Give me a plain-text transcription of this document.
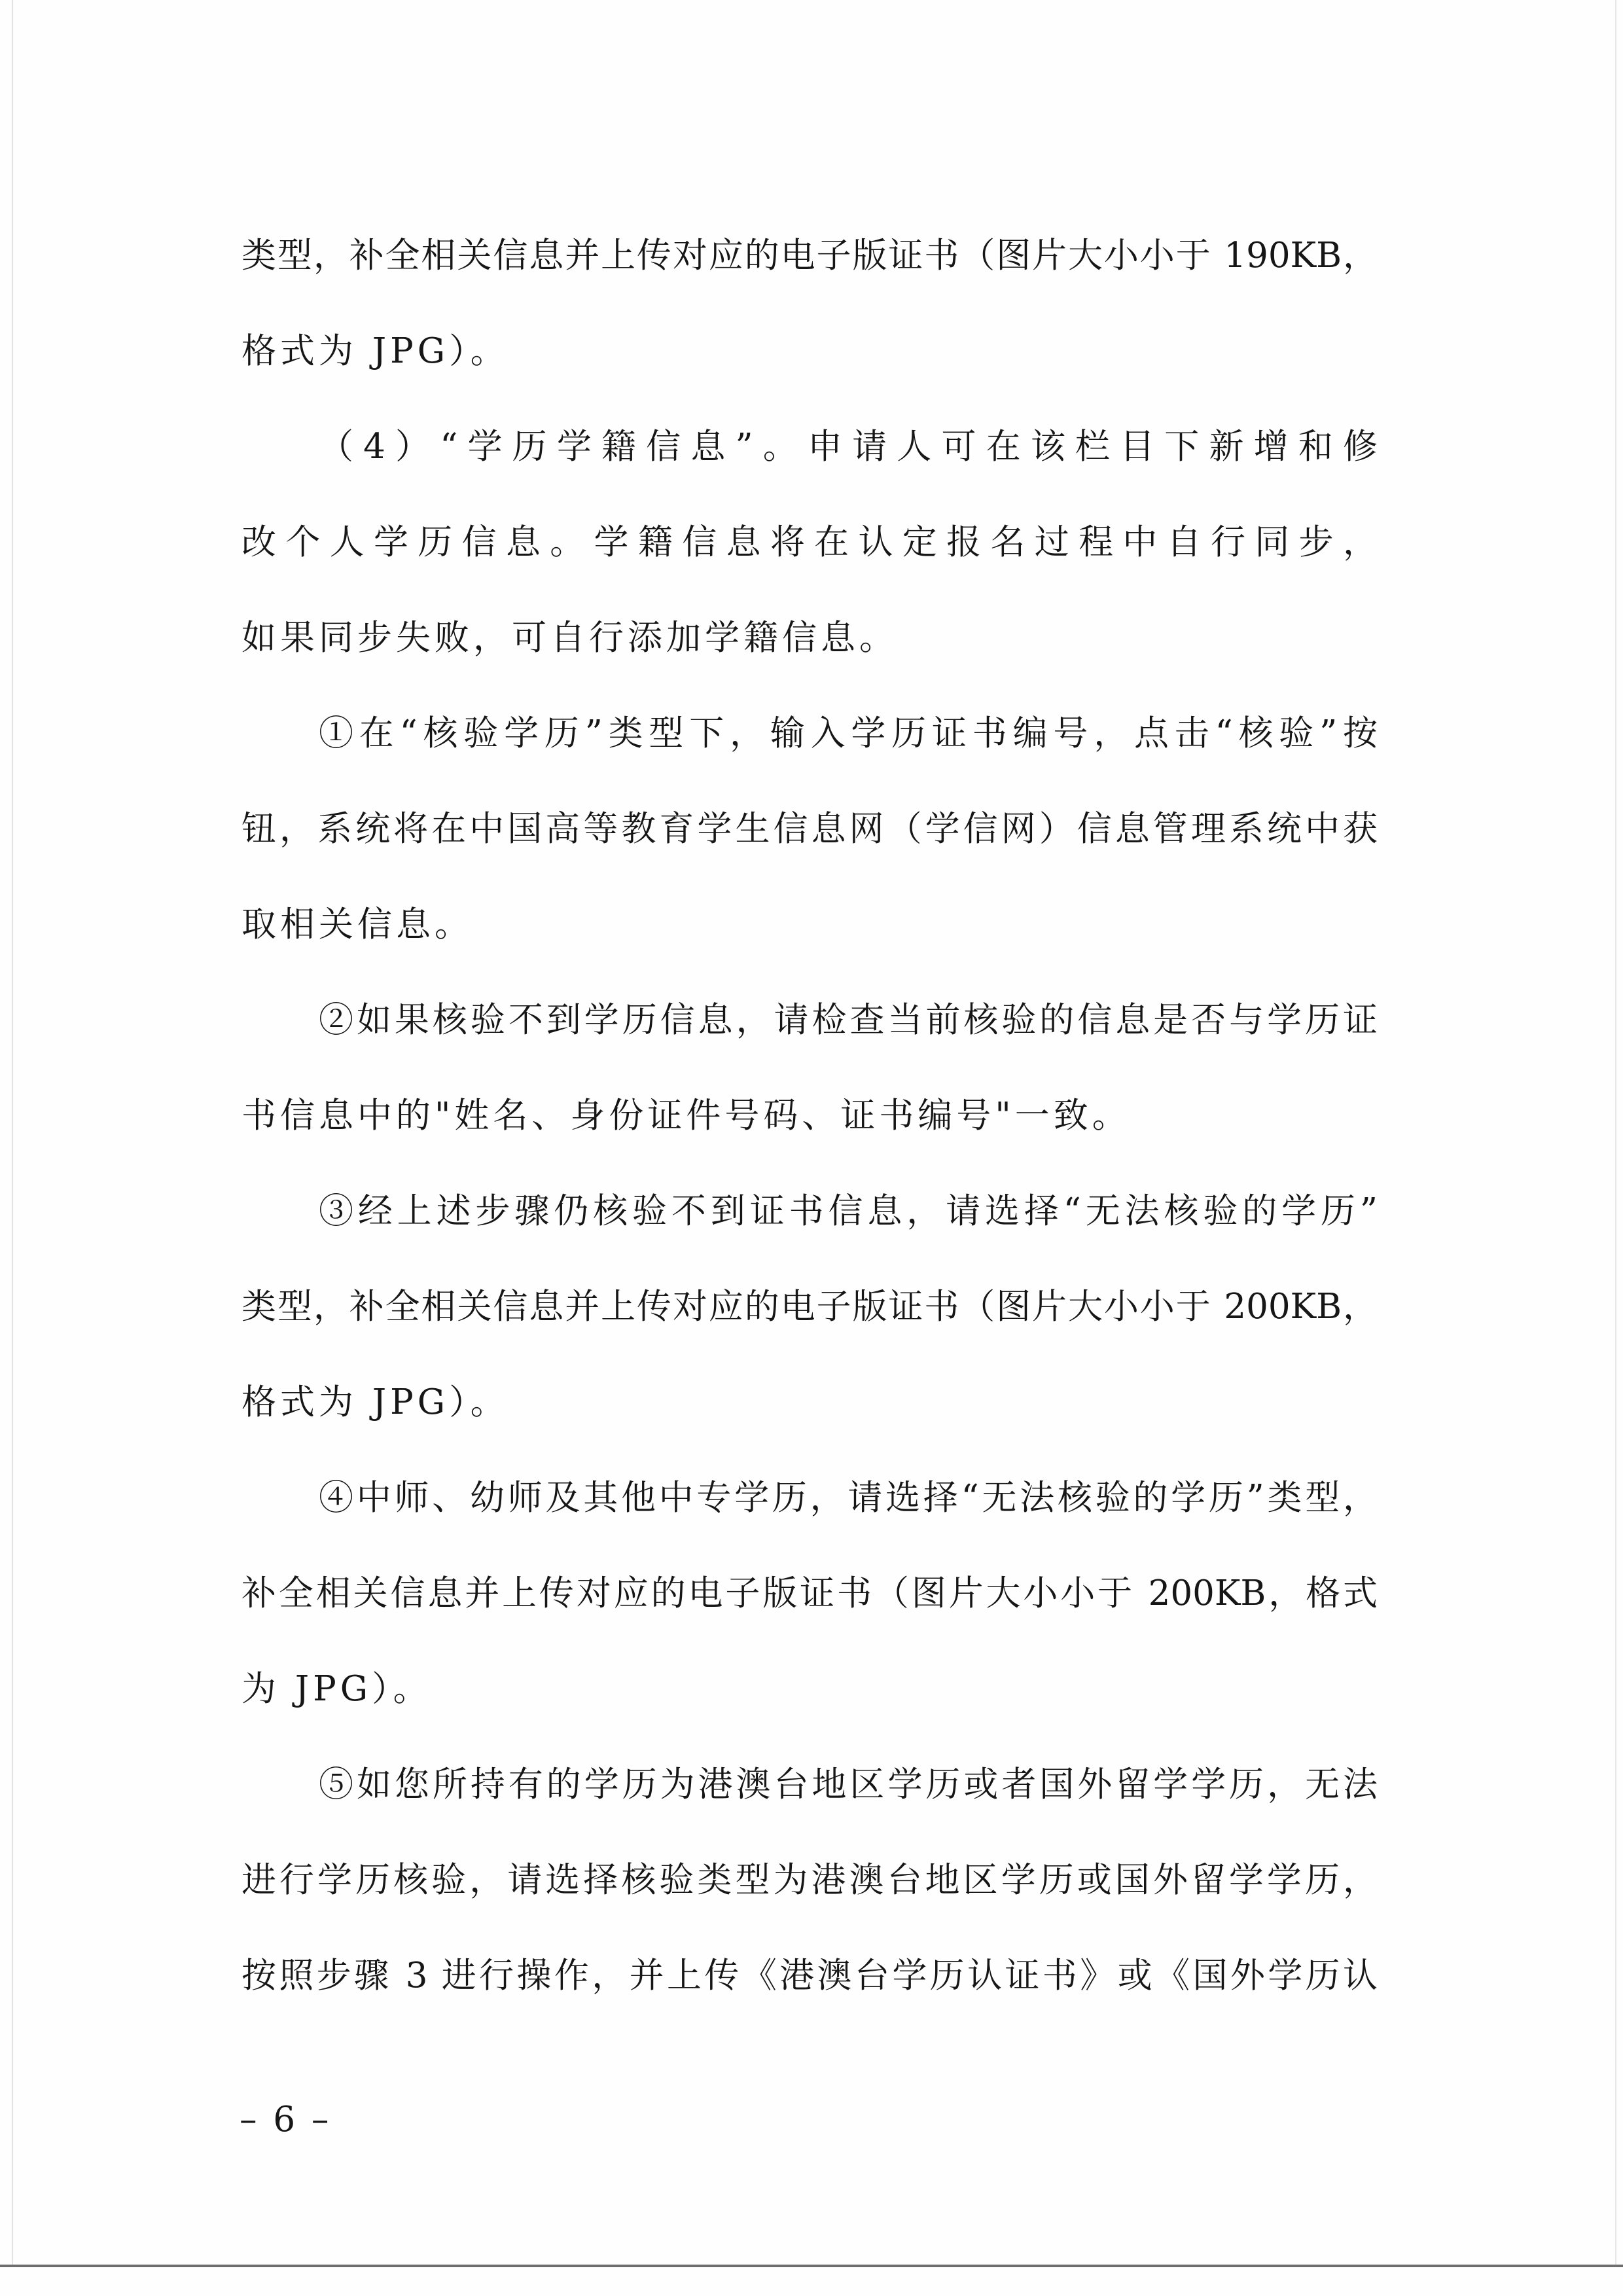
类型，补全相关信息并上传对应的电子版证书（图片大小小于 190KB，
格式为 JPG）。
（4）“学历学籍信息”。申请人可在该栏目下新增和修
改个人学历信息。学籍信息将在认定报名过程中自行同步，
如果同步失败，可自行添加学籍信息。
①在“核验学历”类型下，输入学历证书编号，点击“核验”按
钮，系统将在中国高等教育学生信息网（学信网）信息管理系统中获
取相关信息。
②如果核验不到学历信息，请检查当前核验的信息是否与学历证
书信息中的"姓名、身份证件号码、证书编号"一致。
③经上述步骤仍核验不到证书信息，请选择“无法核验的学历”
类型，补全相关信息并上传对应的电子版证书（图片大小小于 200KB，
格式为 JPG）。
④中师、幼师及其他中专学历，请选择“无法核验的学历”类型，
补全相关信息并上传对应的电子版证书（图片大小小于 200KB，格式
为 JPG）。
⑤如您所持有的学历为港澳台地区学历或者国外留学学历，无法
进行学历核验，请选择核验类型为港澳台地区学历或国外留学学历，
按照步骤 3 进行操作，并上传《港澳台学历认证书》或《国外学历认
– 6 –
